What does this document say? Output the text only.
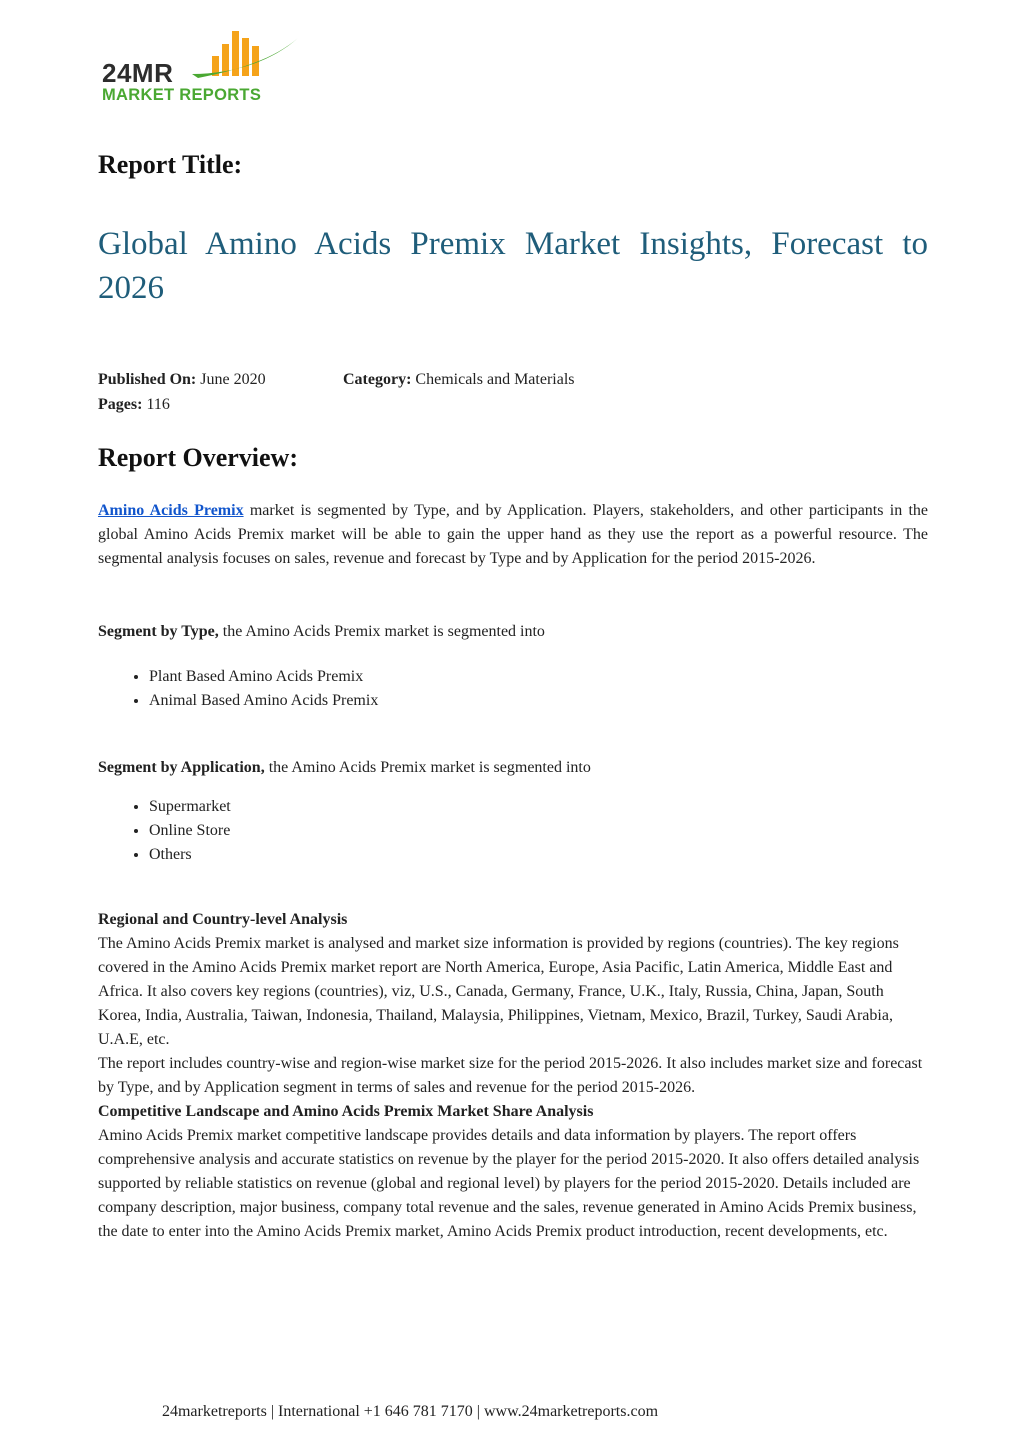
24MR
MARKET REPORTS
Report Title:
Global Amino Acids Premix Market Insights, Forecast to 2026
Published On: June 2020	Category: Chemicals and Materials
Pages: 116
Report Overview:
Amino Acids Premix market is segmented by Type, and by Application. Players, stakeholders, and other participants in the global Amino Acids Premix market will be able to gain the upper hand as they use the report as a powerful resource. The segmental analysis focuses on sales, revenue and forecast by Type and by Application for the period 2015-2026.
Segment by Type, the Amino Acids Premix market is segmented into
• Plant Based Amino Acids Premix
• Animal Based Amino Acids Premix
Segment by Application, the Amino Acids Premix market is segmented into
• Supermarket
• Online Store
• Others
Regional and Country-level Analysis
The Amino Acids Premix market is analysed and market size information is provided by regions (countries). The key regions covered in the Amino Acids Premix market report are North America, Europe, Asia Pacific, Latin America, Middle East and Africa. It also covers key regions (countries), viz, U.S., Canada, Germany, France, U.K., Italy, Russia, China, Japan, South Korea, India, Australia, Taiwan, Indonesia, Thailand, Malaysia, Philippines, Vietnam, Mexico, Brazil, Turkey, Saudi Arabia, U.A.E, etc.
The report includes country-wise and region-wise market size for the period 2015-2026. It also includes market size and forecast by Type, and by Application segment in terms of sales and revenue for the period 2015-2026.
Competitive Landscape and Amino Acids Premix Market Share Analysis
Amino Acids Premix market competitive landscape provides details and data information by players. The report offers comprehensive analysis and accurate statistics on revenue by the player for the period 2015-2020. It also offers detailed analysis supported by reliable statistics on revenue (global and regional level) by players for the period 2015-2020. Details included are company description, major business, company total revenue and the sales, revenue generated in Amino Acids Premix business, the date to enter into the Amino Acids Premix market, Amino Acids Premix product introduction, recent developments, etc.
24marketreports | International +1 646 781 7170 | www.24marketreports.com
